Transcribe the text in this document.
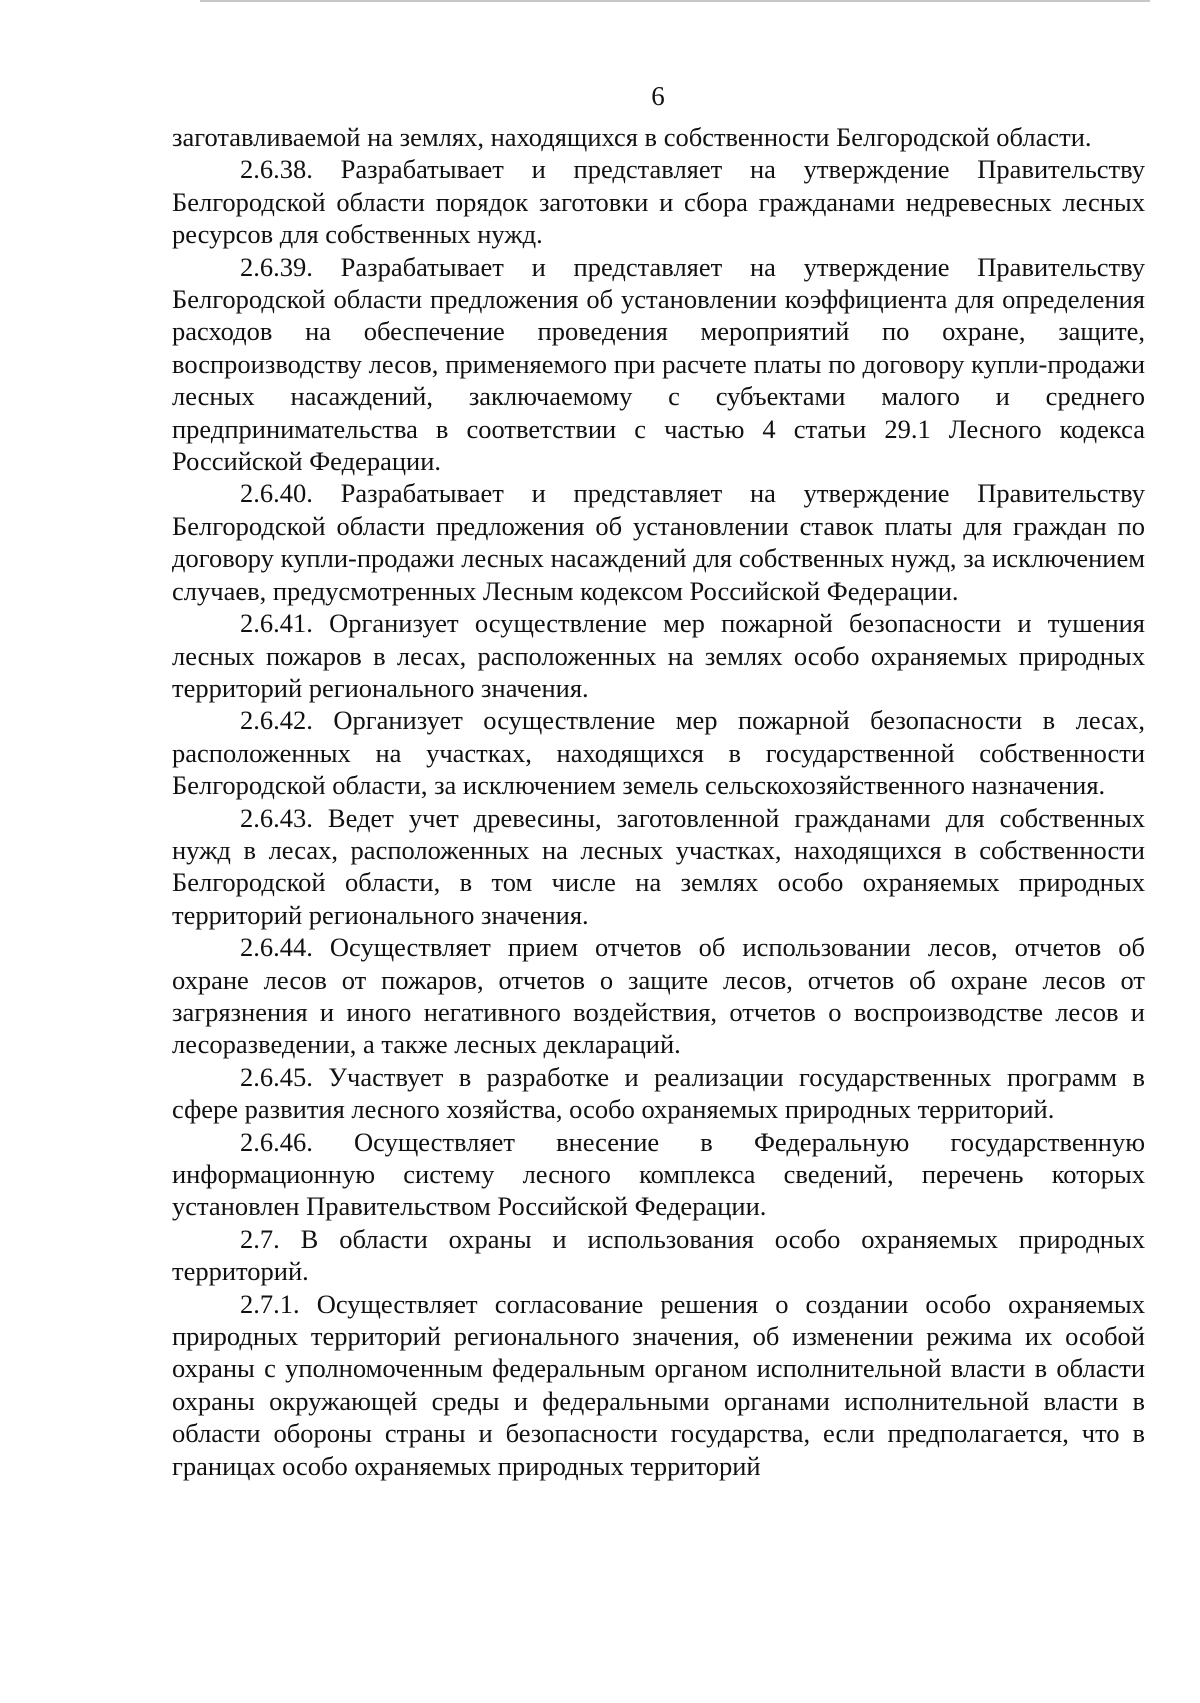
6

заготавливаемой на землях, находящихся в собственности Белгородской области.

2.6.38. Разрабатывает и представляет на утверждение Правительству Белгородской области порядок заготовки и сбора гражданами недревесных лесных ресурсов для собственных нужд.

2.6.39. Разрабатывает и представляет на утверждение Правительству Белгородской области предложения об установлении коэффициента для определения расходов на обеспечение проведения мероприятий по охране, защите, воспроизводству лесов, применяемого при расчете платы по договору купли-продажи лесных насаждений, заключаемому с субъектами малого и среднего предпринимательства в соответствии с частью 4 статьи 29.1 Лесного кодекса Российской Федерации.

2.6.40. Разрабатывает и представляет на утверждение Правительству Белгородской области предложения об установлении ставок платы для граждан по договору купли-продажи лесных насаждений для собственных нужд, за исключением случаев, предусмотренных Лесным кодексом Российской Федерации.

2.6.41. Организует осуществление мер пожарной безопасности и тушения лесных пожаров в лесах, расположенных на землях особо охраняемых природных территорий регионального значения.

2.6.42. Организует осуществление мер пожарной безопасности в лесах, расположенных на участках, находящихся в государственной собственности Белгородской области, за исключением земель сельскохозяйственного назначения.

2.6.43. Ведет учет древесины, заготовленной гражданами для собственных нужд в лесах, расположенных на лесных участках, находящихся в собственности Белгородской области, в том числе на землях особо охраняемых природных территорий регионального значения.

2.6.44. Осуществляет прием отчетов об использовании лесов, отчетов об охране лесов от пожаров, отчетов о защите лесов, отчетов об охране лесов от загрязнения и иного негативного воздействия, отчетов о воспроизводстве лесов и лесоразведении, а также лесных деклараций.

2.6.45. Участвует в разработке и реализации государственных программ в сфере развития лесного хозяйства, особо охраняемых природных территорий.

2.6.46. Осуществляет внесение в Федеральную государственную информационную систему лесного комплекса сведений, перечень которых установлен Правительством Российской Федерации.

2.7. В области охраны и использования особо охраняемых природных территорий.

2.7.1. Осуществляет согласование решения о создании особо охраняемых природных территорий регионального значения, об изменении режима их особой охраны с уполномоченным федеральным органом исполнительной власти в области охраны окружающей среды и федеральными органами исполнительной власти в области обороны страны и безопасности государства, если предполагается, что в границах особо охраняемых природных территорий
